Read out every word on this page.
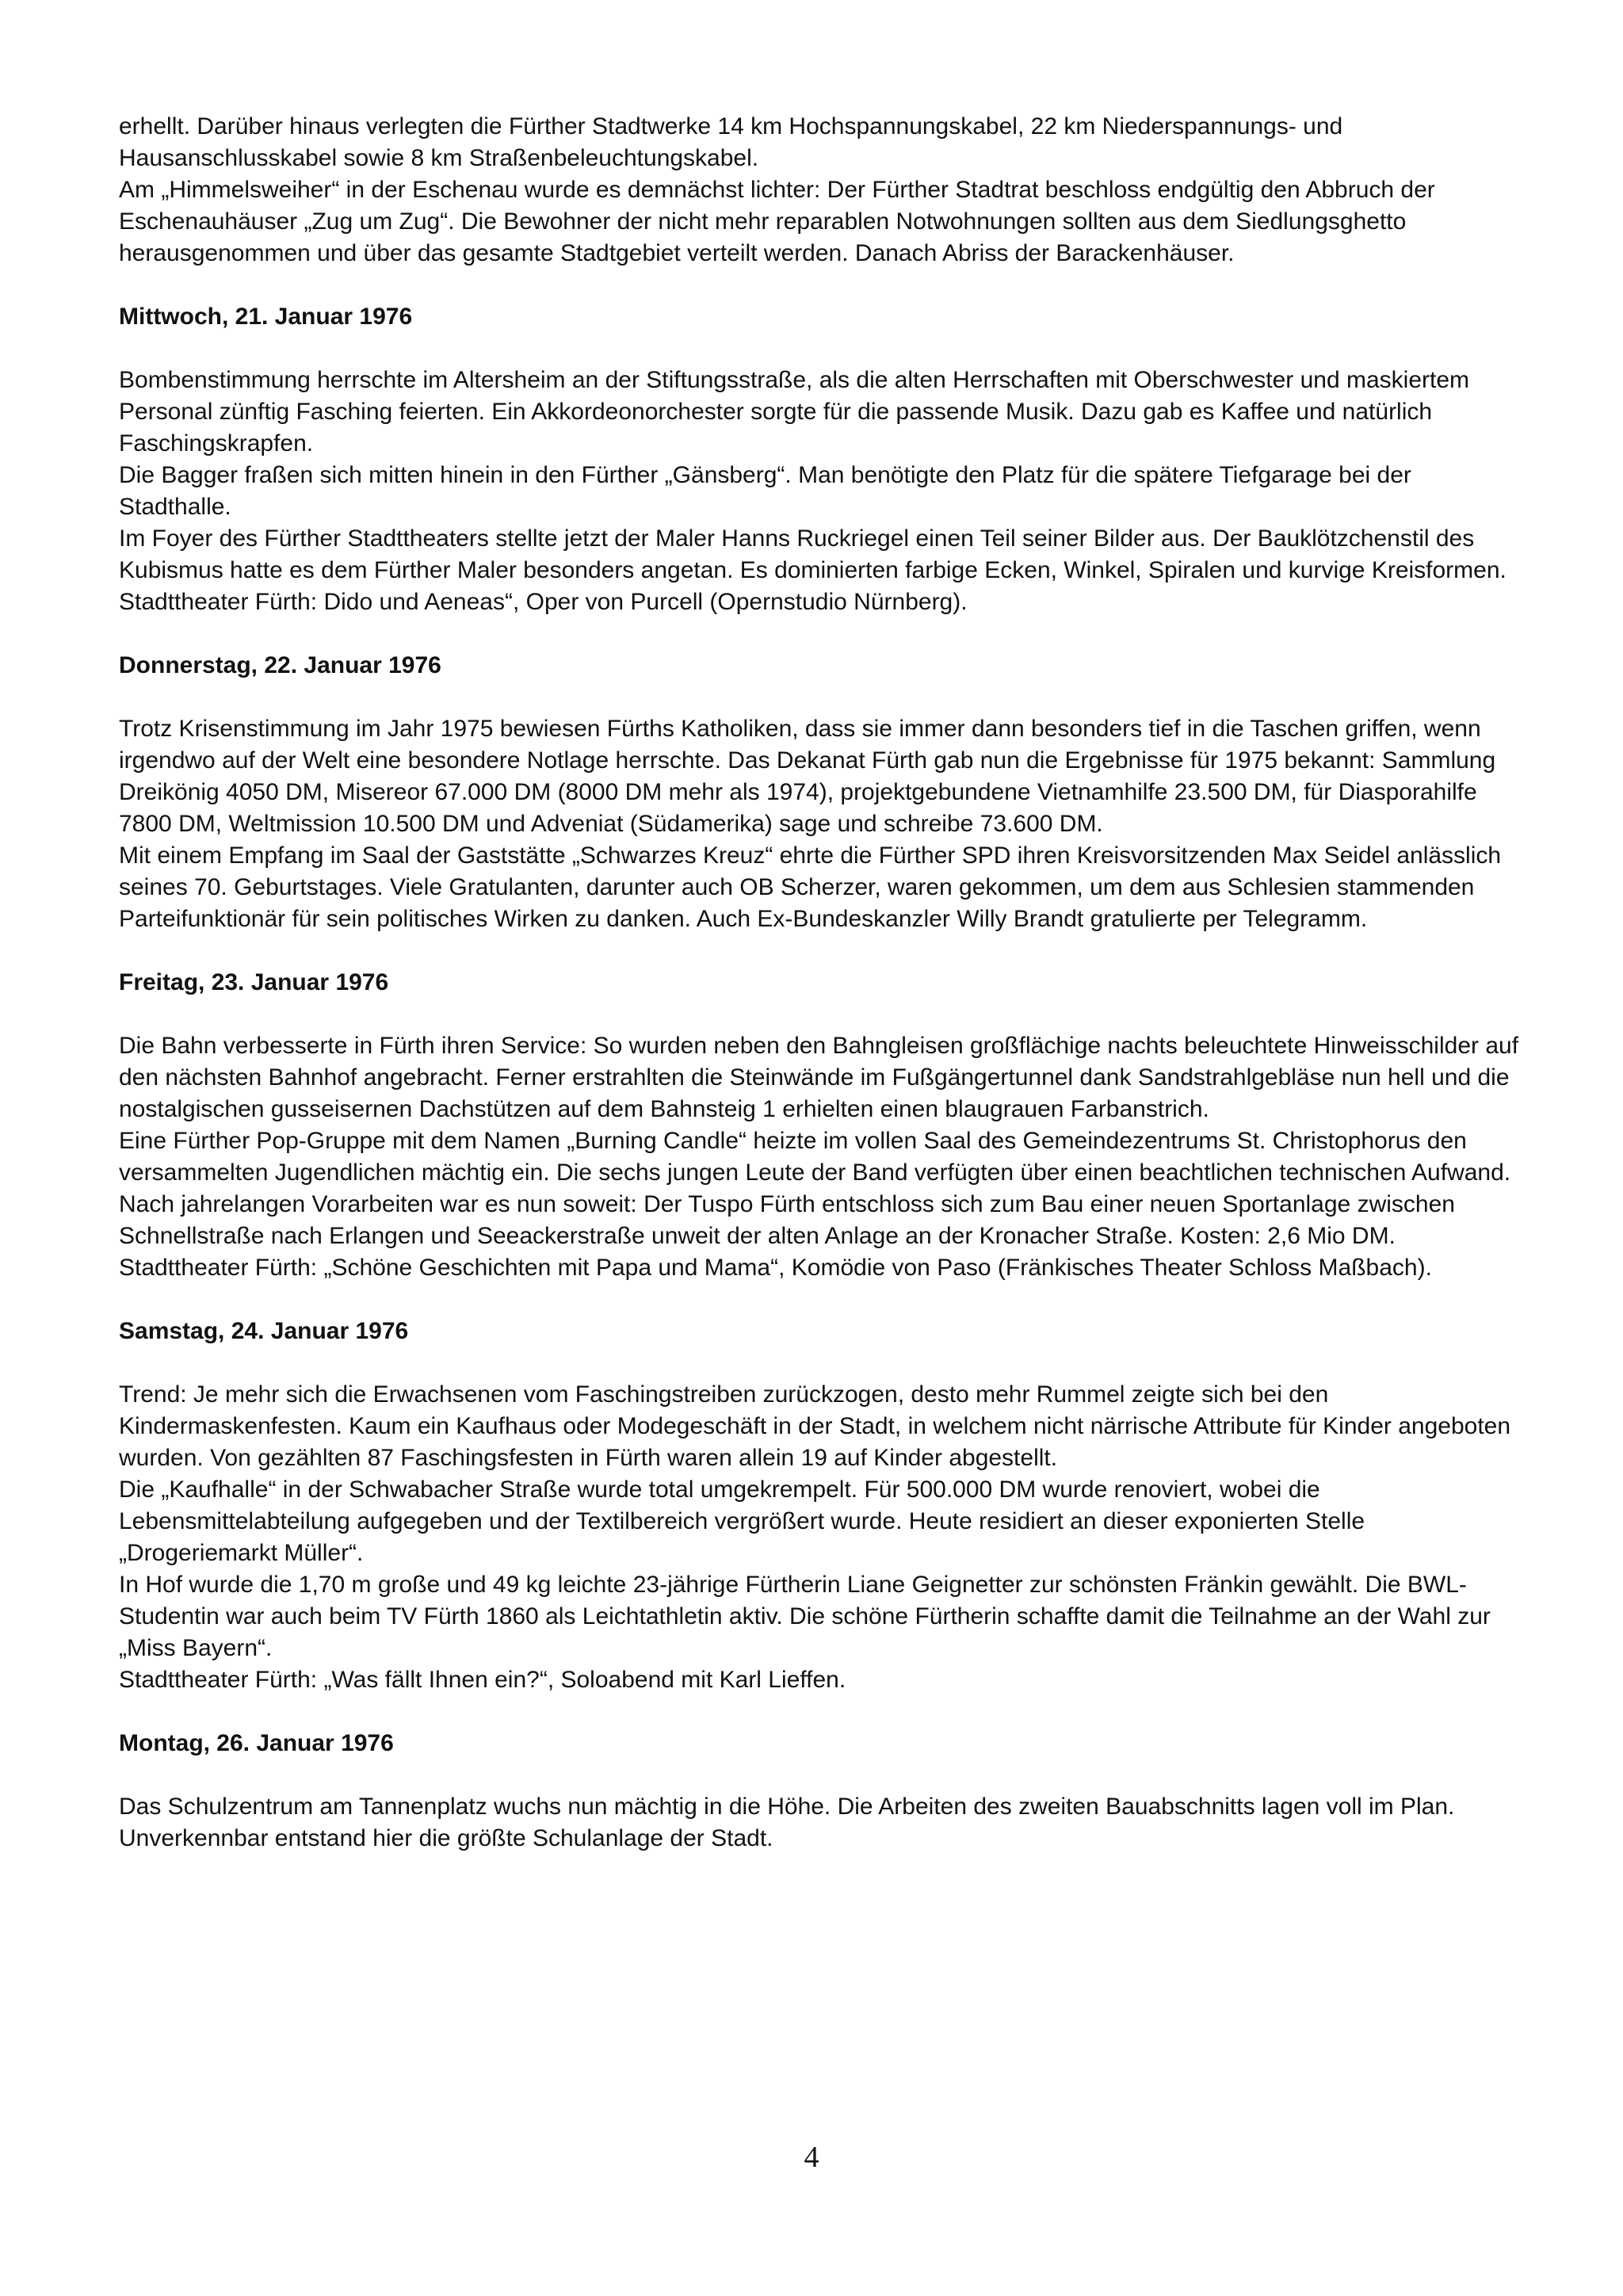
erhellt. Darüber hinaus verlegten die Fürther Stadtwerke 14 km Hochspannungskabel, 22 km Niederspannungs- und Hausanschlusskabel sowie 8 km Straßenbeleuchtungskabel.

Am „Himmelsweiher“ in der Eschenau wurde es demnächst lichter: Der Fürther Stadtrat beschloss endgültig den Abbruch der Eschenauhäuser „Zug um Zug“. Die Bewohner der nicht mehr reparablen Notwohnungen sollten aus dem Siedlungsghetto herausgenommen und über das gesamte Stadtgebiet verteilt werden. Danach Abriss der Barackenhäuser.

Mittwoch, 21. Januar 1976

Bombenstimmung herrschte im Altersheim an der Stiftungsstraße, als die alten Herrschaften mit Oberschwester und maskiertem Personal zünftig Fasching feierten. Ein Akkordeonorchester sorgte für die passende Musik. Dazu gab es Kaffee und natürlich Faschingskrapfen.

Die Bagger fraßen sich mitten hinein in den Fürther „Gänsberg“. Man benötigte den Platz für die spätere Tiefgarage bei der Stadthalle.

Im Foyer des Fürther Stadttheaters stellte jetzt der Maler Hanns Ruckriegel einen Teil seiner Bilder aus. Der Bauklötzchenstil des Kubismus hatte es dem Fürther Maler besonders angetan. Es dominierten farbige Ecken, Winkel, Spiralen und kurvige Kreisformen.

Stadttheater Fürth: Dido und Aeneas“, Oper von Purcell (Opernstudio Nürnberg).

Donnerstag, 22. Januar 1976

Trotz Krisenstimmung im Jahr 1975 bewiesen Fürths Katholiken, dass sie immer dann besonders tief in die Taschen griffen, wenn irgendwo auf der Welt eine besondere Notlage herrschte. Das Dekanat Fürth gab nun die Ergebnisse für 1975 bekannt: Sammlung Dreikönig 4050 DM, Misereor 67.000 DM (8000 DM mehr als 1974), projektgebundene Vietnamhilfe 23.500 DM, für Diasporahilfe 7800 DM, Weltmission 10.500 DM und Adveniat (Südamerika) sage und schreibe 73.600 DM.

Mit einem Empfang im Saal der Gaststätte „Schwarzes Kreuz“ ehrte die Fürther SPD ihren Kreisvorsitzenden Max Seidel anlässlich seines 70. Geburtstages. Viele Gratulanten, darunter auch OB Scherzer, waren gekommen, um dem aus Schlesien stammenden Parteifunktionär für sein politisches Wirken zu danken. Auch Ex-Bundeskanzler Willy Brandt gratulierte per Telegramm.

Freitag, 23. Januar 1976

Die Bahn verbesserte in Fürth ihren Service: So wurden neben den Bahngleisen großflächige nachts beleuchtete Hinweisschilder auf den nächsten Bahnhof angebracht. Ferner erstrahlten die Steinwände im Fußgängertunnel dank Sandstrahlgebläse nun hell und die nostalgischen gusseisernen Dachstützen auf dem Bahnsteig 1 erhielten einen blaugrauen Farbanstrich.

Eine Fürther Pop-Gruppe mit dem Namen „Burning Candle“ heizte im vollen Saal des Gemeindezentrums St. Christophorus den versammelten Jugendlichen mächtig ein. Die sechs jungen Leute der Band verfügten über einen beachtlichen technischen Aufwand.

Nach jahrelangen Vorarbeiten war es nun soweit: Der Tuspo Fürth entschloss sich zum Bau einer neuen Sportanlage zwischen Schnellstraße nach Erlangen und Seeackerstraße unweit der alten Anlage an der Kronacher Straße. Kosten: 2,6 Mio DM.

Stadttheater Fürth: „Schöne Geschichten mit Papa und Mama“, Komödie von Paso (Fränkisches Theater Schloss Maßbach).

Samstag, 24. Januar 1976

Trend: Je mehr sich die Erwachsenen vom Faschingstreiben zurückzogen, desto mehr Rummel zeigte sich bei den Kindermaskenfesten. Kaum ein Kaufhaus oder Modegeschäft in der Stadt, in welchem nicht närrische Attribute für Kinder angeboten wurden. Von gezählten 87 Faschingsfesten in Fürth waren allein 19 auf Kinder abgestellt.

Die „Kaufhalle“ in der Schwabacher Straße wurde total umgekrempelt. Für 500.000 DM wurde renoviert, wobei die Lebensmittelabteilung aufgegeben und der Textilbereich vergrößert wurde. Heute residiert an dieser exponierten Stelle „Drogeriemarkt Müller“.

In Hof wurde die 1,70 m große und 49 kg leichte 23-jährige Fürtherin Liane Geignetter zur schönsten Fränkin gewählt. Die BWL-Studentin war auch beim TV Fürth 1860 als Leichtathletin aktiv. Die schöne Fürtherin schaffte damit die Teilnahme an der Wahl zur „Miss Bayern“.

Stadttheater Fürth: „Was fällt Ihnen ein?“, Soloabend mit Karl Lieffen.

Montag, 26. Januar 1976

Das Schulzentrum am Tannenplatz wuchs nun mächtig in die Höhe. Die Arbeiten des zweiten Bauabschnitts lagen voll im Plan. Unverkennbar entstand hier die größte Schulanlage der Stadt.

4
